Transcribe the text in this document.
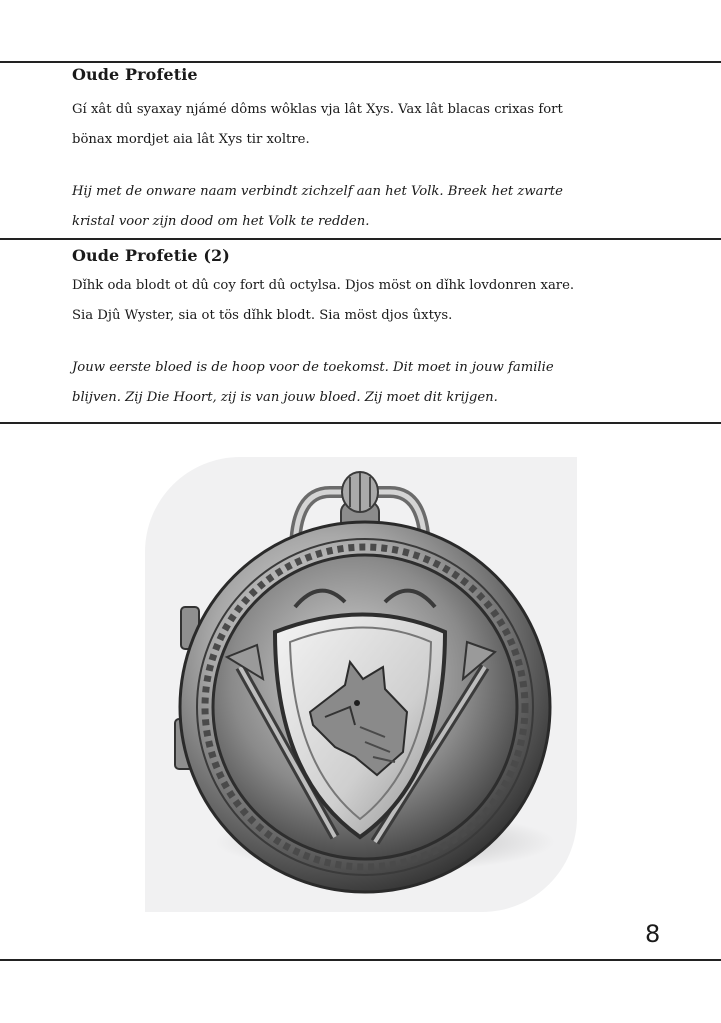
Oude Profetie
Gí xât dû syaxay njámé dôms wôklas vja lât Xys. Vax lât blacas crixas fort
bönax mordjet aia lât Xys tir xoltre.
Hij met de onware naam verbindt zichzelf aan het Volk. Breek het zwarte
kristal voor zijn dood om het Volk te redden.
Oude Profetie (2)
Dǐhk oda blodt ot dû coy fort dû octylsa. Djos möst on dǐhk lovdonren xare.
Sia Djû Wyster, sia ot tös dǐhk blodt. Sia möst djos ûxtys.
Jouw eerste bloed is de hoop voor de toekomst. Dit moet in jouw familie
blijven. Zij Die Hoort, zij is van jouw bloed. Zij moet dit krijgen.
8
